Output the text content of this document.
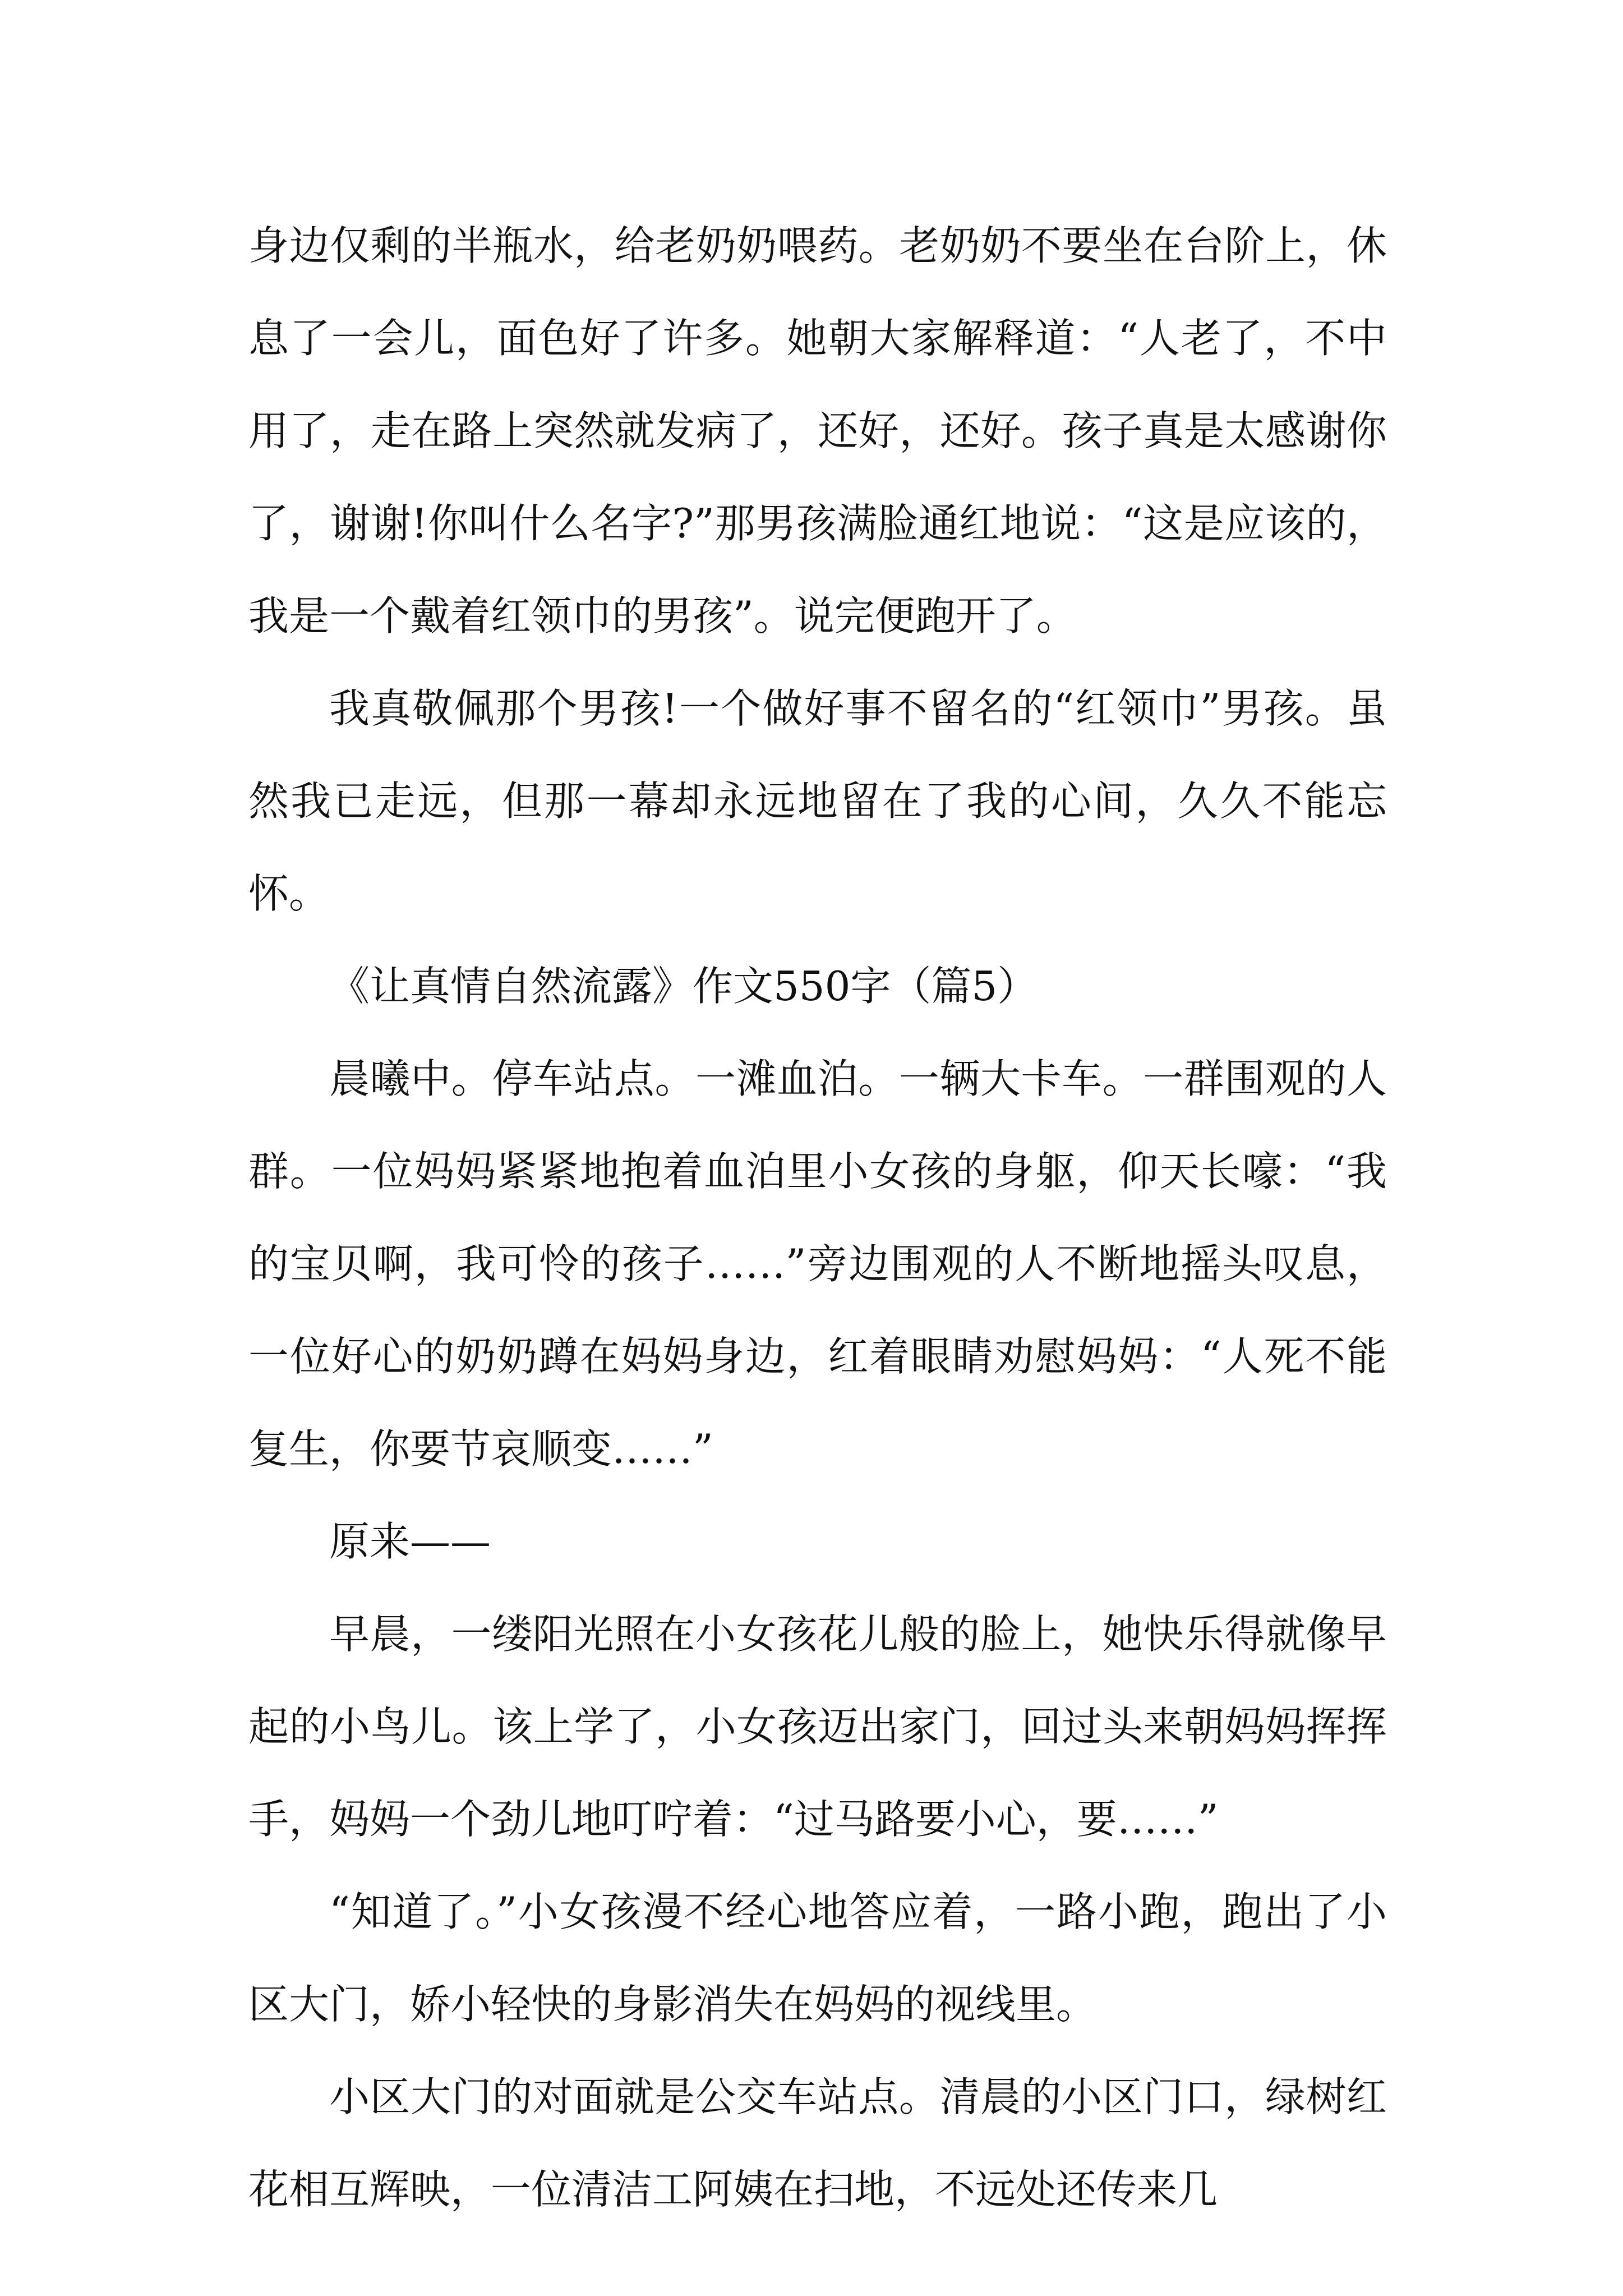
身边仅剩的半瓶水，给老奶奶喂药。老奶奶不要坐在台阶上，休息了一会儿，面色好了许多。她朝大家解释道：“人老了，不中用了，走在路上突然就发病了，还好，还好。孩子真是太感谢你了，谢谢!你叫什么名字?”那男孩满脸通红地说：“这是应该的，我是一个戴着红领巾的男孩”。说完便跑开了。

我真敬佩那个男孩!一个做好事不留名的“红领巾”男孩。虽然我已走远，但那一幕却永远地留在了我的心间，久久不能忘怀。

《让真情自然流露》作文550字（篇5）

晨曦中。停车站点。一滩血泊。一辆大卡车。一群围观的人群。一位妈妈紧紧地抱着血泊里小女孩的身躯，仰天长嚎：“我的宝贝啊，我可怜的孩子……”旁边围观的人不断地摇头叹息，一位好心的奶奶蹲在妈妈身边，红着眼睛劝慰妈妈：“人死不能复生，你要节哀顺变……”

原来——

早晨，一缕阳光照在小女孩花儿般的脸上，她快乐得就像早起的小鸟儿。该上学了，小女孩迈出家门，回过头来朝妈妈挥挥手，妈妈一个劲儿地叮咛着：“过马路要小心，要……”

“知道了。”小女孩漫不经心地答应着，一路小跑，跑出了小区大门，娇小轻快的身影消失在妈妈的视线里。

小区大门的对面就是公交车站点。清晨的小区门口，绿树红花相互辉映，一位清洁工阿姨在扫地，不远处还传来几
